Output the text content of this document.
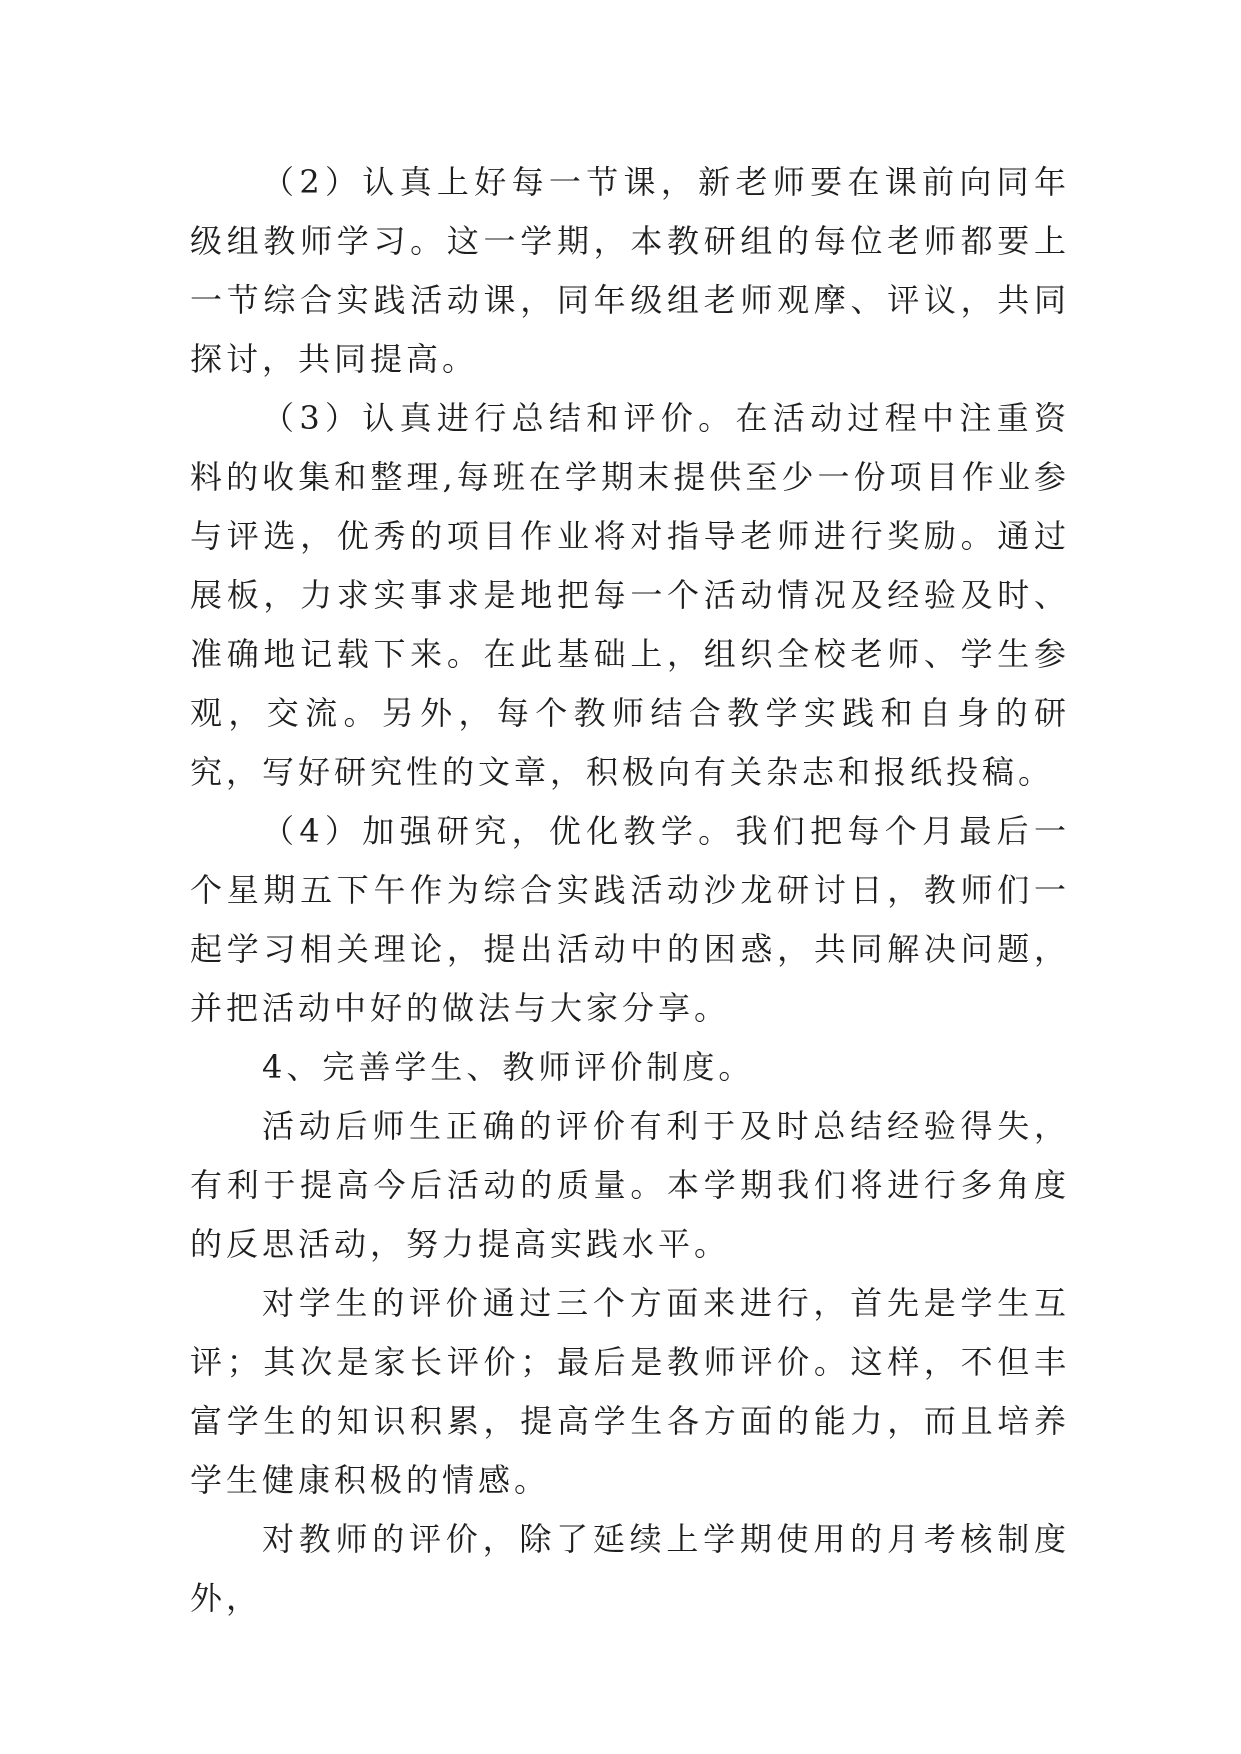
（2）认真上好每一节课，新老师要在课前向同年级组教师学习。这一学期，本教研组的每位老师都要上一节综合实践活动课，同年级组老师观摩、评议，共同探讨，共同提高。

（3）认真进行总结和评价。在活动过程中注重资料的收集和整理,每班在学期末提供至少一份项目作业参与评选，优秀的项目作业将对指导老师进行奖励。通过展板，力求实事求是地把每一个活动情况及经验及时、准确地记载下来。在此基础上，组织全校老师、学生参观，交流。另外，每个教师结合教学实践和自身的研究，写好研究性的文章，积极向有关杂志和报纸投稿。

（4）加强研究，优化教学。我们把每个月最后一个星期五下午作为综合实践活动沙龙研讨日，教师们一起学习相关理论，提出活动中的困惑，共同解决问题，并把活动中好的做法与大家分享。

4、完善学生、教师评价制度。

活动后师生正确的评价有利于及时总结经验得失，有利于提高今后活动的质量。本学期我们将进行多角度的反思活动，努力提高实践水平。

对学生的评价通过三个方面来进行，首先是学生互评；其次是家长评价；最后是教师评价。这样，不但丰富学生的知识积累，提高学生各方面的能力，而且培养学生健康积极的情感。

对教师的评价，除了延续上学期使用的月考核制度外，
